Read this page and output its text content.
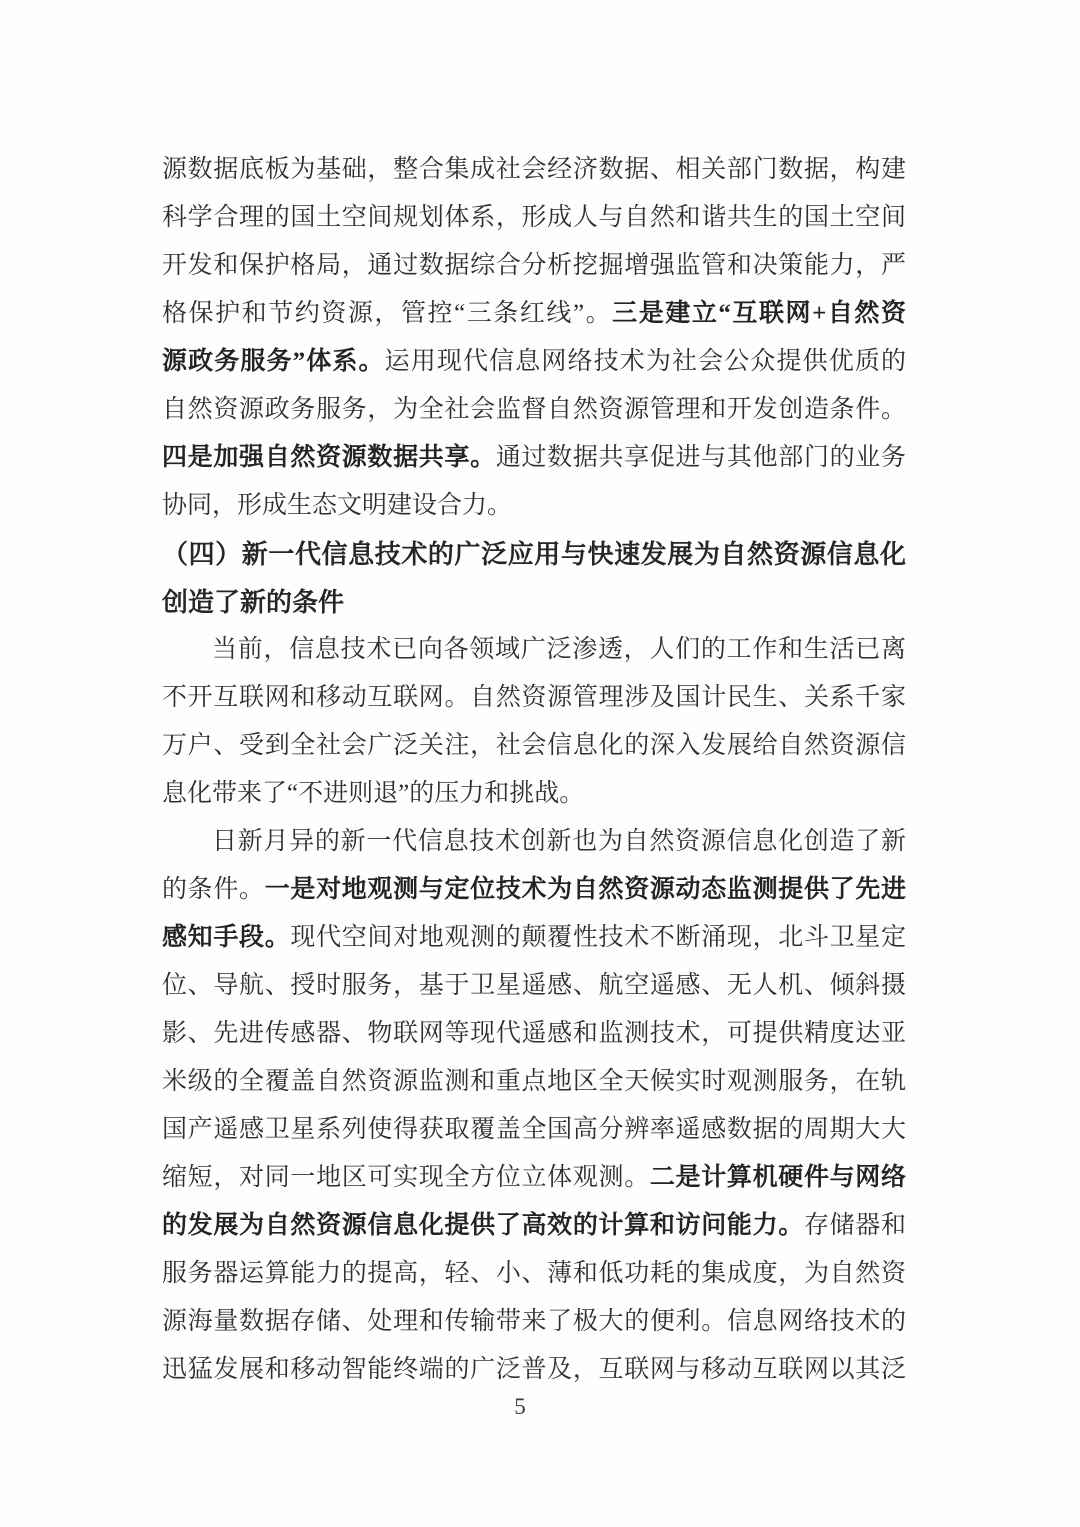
源数据底板为基础，整合集成社会经济数据、相关部门数据，构建
科学合理的国土空间规划体系，形成人与自然和谐共生的国土空间
开发和保护格局，通过数据综合分析挖掘增强监管和决策能力，严
格保护和节约资源，管控“三条红线”。三是建立“互联网+自然资
源政务服务”体系。运用现代信息网络技术为社会公众提供优质的
自然资源政务服务，为全社会监督自然资源管理和开发创造条件。
四是加强自然资源数据共享。通过数据共享促进与其他部门的业务
协同，形成生态文明建设合力。
（四）新一代信息技术的广泛应用与快速发展为自然资源信息化
创造了新的条件
当前，信息技术已向各领域广泛渗透，人们的工作和生活已离
不开互联网和移动互联网。自然资源管理涉及国计民生、关系千家
万户、受到全社会广泛关注，社会信息化的深入发展给自然资源信
息化带来了“不进则退”的压力和挑战。
日新月异的新一代信息技术创新也为自然资源信息化创造了新
的条件。一是对地观测与定位技术为自然资源动态监测提供了先进
感知手段。现代空间对地观测的颠覆性技术不断涌现，北斗卫星定
位、导航、授时服务，基于卫星遥感、航空遥感、无人机、倾斜摄
影、先进传感器、物联网等现代遥感和监测技术，可提供精度达亚
米级的全覆盖自然资源监测和重点地区全天候实时观测服务，在轨
国产遥感卫星系列使得获取覆盖全国高分辨率遥感数据的周期大大
缩短，对同一地区可实现全方位立体观测。二是计算机硬件与网络
的发展为自然资源信息化提供了高效的计算和访问能力。存储器和
服务器运算能力的提高，轻、小、薄和低功耗的集成度，为自然资
源海量数据存储、处理和传输带来了极大的便利。信息网络技术的
迅猛发展和移动智能终端的广泛普及，互联网与移动互联网以其泛
5
